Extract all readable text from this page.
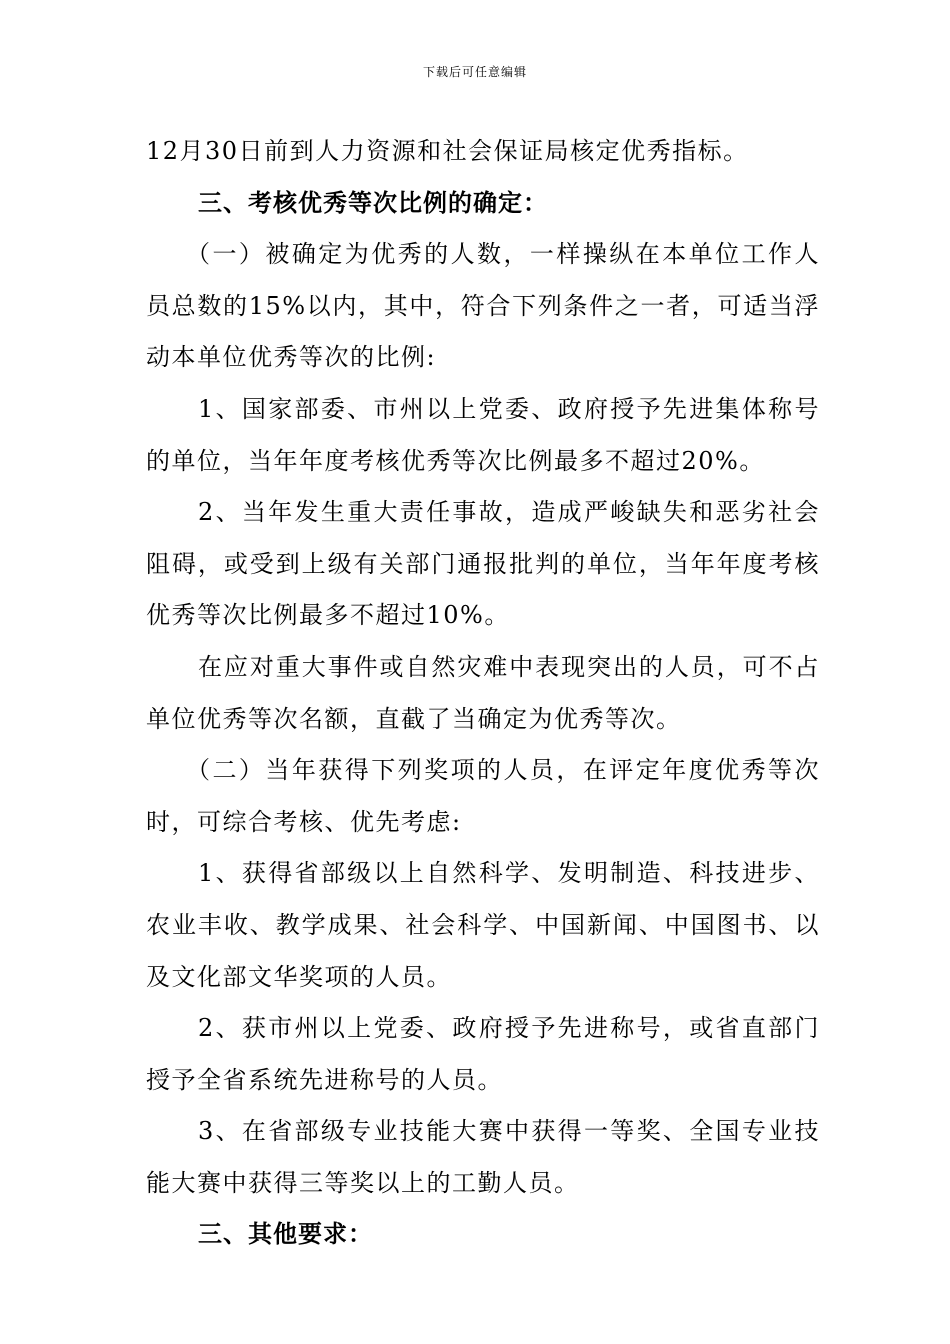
下载后可任意编辑

12月30日前到人力资源和社会保证局核定优秀指标。

三、考核优秀等次比例的确定：

（一）被确定为优秀的人数，一样操纵在本单位工作人员总数的15%以内，其中，符合下列条件之一者，可适当浮动本单位优秀等次的比例:

1、国家部委、市州以上党委、政府授予先进集体称号的单位，当年年度考核优秀等次比例最多不超过20%。

2、当年发生重大责任事故，造成严峻缺失和恶劣社会阻碍，或受到上级有关部门通报批判的单位，当年年度考核优秀等次比例最多不超过10%。

在应对重大事件或自然灾难中表现突出的人员，可不占单位优秀等次名额，直截了当确定为优秀等次。

（二）当年获得下列奖项的人员，在评定年度优秀等次时，可综合考核、优先考虑:

1、获得省部级以上自然科学、发明制造、科技进步、农业丰收、教学成果、社会科学、中国新闻、中国图书、以及文化部文华奖项的人员。

2、获市州以上党委、政府授予先进称号，或省直部门授予全省系统先进称号的人员。

3、在省部级专业技能大赛中获得一等奖、全国专业技能大赛中获得三等奖以上的工勤人员。

三、其他要求：
